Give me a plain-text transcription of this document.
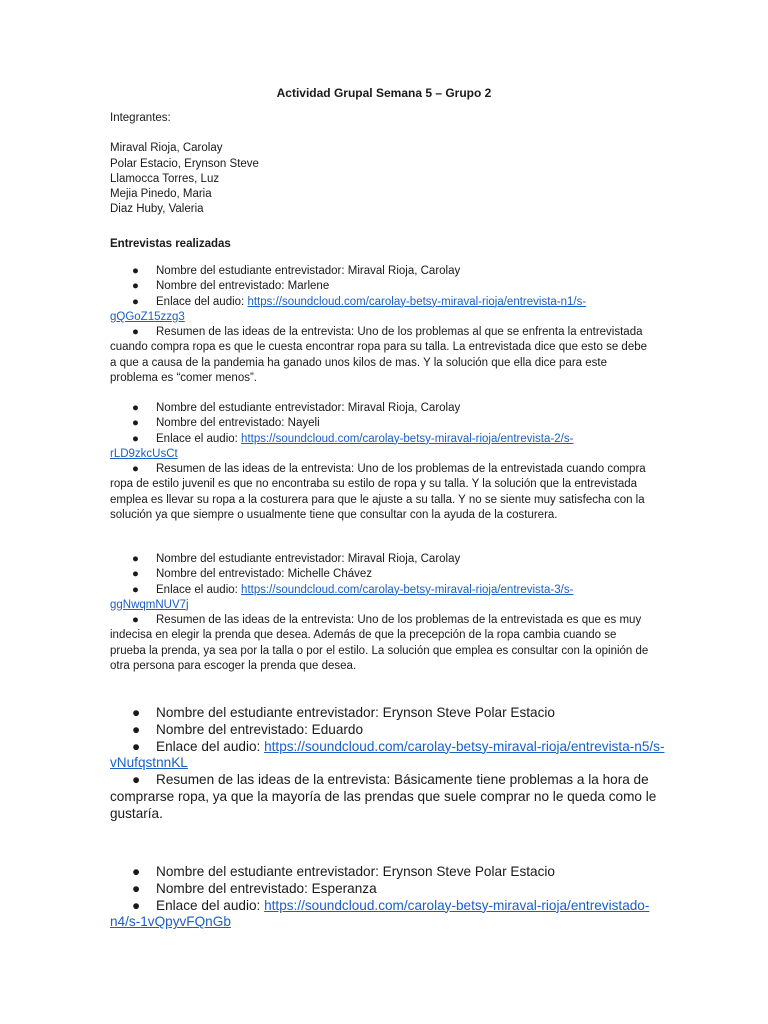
Actividad Grupal Semana 5 – Grupo 2
Integrantes:
Miraval Rioja, Carolay
Polar Estacio, Erynson Steve
Llamocca Torres, Luz
Mejia Pinedo, Maria
Diaz Huby, Valeria
Entrevistas realizadas
● Nombre del estudiante entrevistador: Miraval Rioja, Carolay
● Nombre del entrevistado: Marlene
● Enlace del audio: https://soundcloud.com/carolay-betsy-miraval-rioja/entrevista-n1/s-
gQGoZ15zzg3
● Resumen de las ideas de la entrevista: Uno de los problemas al que se enfrenta la entrevistada cuando compra ropa es que le cuesta encontrar ropa para su talla. La entrevistada dice que esto se debe a que a causa de la pandemia ha ganado unos kilos de mas. Y la solución que ella dice para este problema es “comer menos”.
● Nombre del estudiante entrevistador: Miraval Rioja, Carolay
● Nombre del entrevistado: Nayeli
● Enlace el audio: https://soundcloud.com/carolay-betsy-miraval-rioja/entrevista-2/s-
rLD9zkcUsCt
● Resumen de las ideas de la entrevista: Uno de los problemas de la entrevistada cuando compra ropa de estilo juvenil es que no encontraba su estilo de ropa y su talla. Y la solución que la entrevistada emplea es llevar su ropa a la costurera para que le ajuste a su talla. Y no se siente muy satisfecha con la solución ya que siempre o usualmente tiene que consultar con la ayuda de la costurera.
● Nombre del estudiante entrevistador: Miraval Rioja, Carolay
● Nombre del entrevistado: Michelle Chávez
● Enlace el audio: https://soundcloud.com/carolay-betsy-miraval-rioja/entrevista-3/s-
ggNwqmNUV7j
● Resumen de las ideas de la entrevista: Uno de los problemas de la entrevistada es que es muy indecisa en elegir la prenda que desea. Además de que la precepción de la ropa cambia cuando se prueba la prenda, ya sea por la talla o por el estilo. La solución que emplea es consultar con la opinión de otra persona para escoger la prenda que desea.
● Nombre del estudiante entrevistador: Erynson Steve Polar Estacio
● Nombre del entrevistado: Eduardo
● Enlace del audio: https://soundcloud.com/carolay-betsy-miraval-rioja/entrevista-n5/s-
vNufqstnnKL
● Resumen de las ideas de la entrevista: Básicamente tiene problemas a la hora de comprarse ropa, ya que la mayoría de las prendas que suele comprar no le queda como le gustaría.
● Nombre del estudiante entrevistador: Erynson Steve Polar Estacio
● Nombre del entrevistado: Esperanza
● Enlace del audio: https://soundcloud.com/carolay-betsy-miraval-rioja/entrevistado-
n4/s-1vQpyvFQnGb
